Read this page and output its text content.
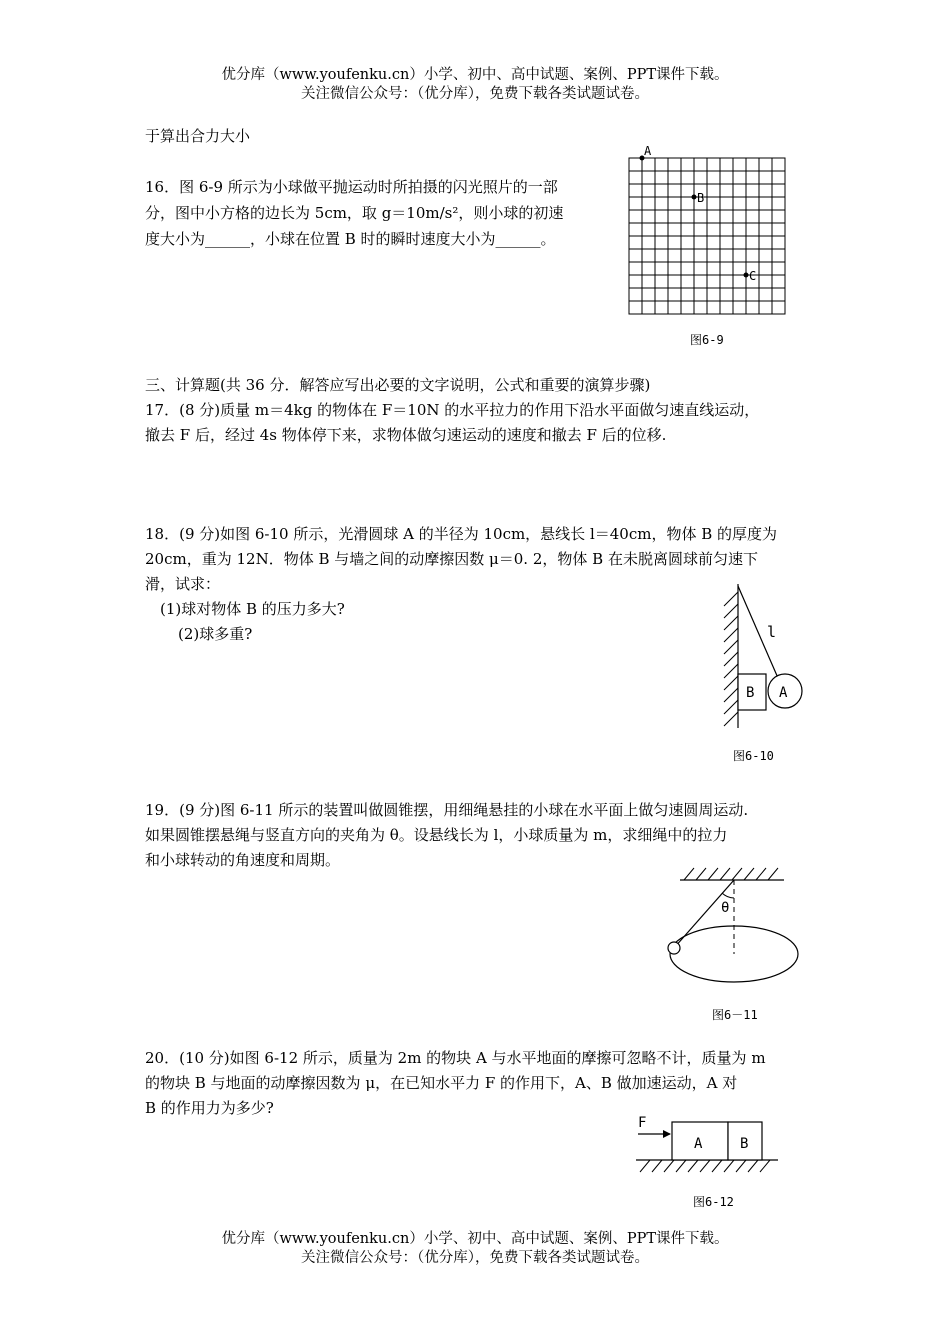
优分库（www.youfenku.cn）小学、初中、高中试题、案例、PPT课件下载。
关注微信公众号：（优分库），免费下载各类试题试卷。
于算出合力大小
16．图 6-9 所示为小球做平抛运动时所拍摄的闪光照片的一部
分，图中小方格的边长为 5cm，取 g＝10m/s²，则小球的初速
度大小为______，小球在位置 B 时的瞬时速度大小为______。
A
B
C
图6-9
三、计算题(共 36 分．解答应写出必要的文字说明，公式和重要的演算步骤)
17．(8 分)质量 m＝4kg 的物体在 F＝10N 的水平拉力的作用下沿水平面做匀速直线运动，
撤去 F 后，经过 4s 物体停下来，求物体做匀速运动的速度和撤去 F 后的位移.
18．(9 分)如图 6-10 所示，光滑圆球 A 的半径为 10cm，悬线长 l＝40cm，物体 B 的厚度为
20cm，重为 12N．物体 B 与墙之间的动摩擦因数 μ＝0. 2，物体 B 在未脱离圆球前匀速下
滑，试求：
(1)球对物体 B 的压力多大?
(2)球多重?	l
B A
图6-10
19．(9 分)图 6-11 所示的装置叫做圆锥摆，用细绳悬挂的小球在水平面上做匀速圆周运动.
如果圆锥摆悬绳与竖直方向的夹角为 θ。设悬线长为 l，小球质量为 m，求细绳中的拉力
和小球转动的角速度和周期。
θ
图6－11
20．(10 分)如图 6-12 所示，质量为 2m 的物块 A 与水平地面的摩擦可忽略不计，质量为 m
的物块 B 与地面的动摩擦因数为 μ，在已知水平力 F 的作用下，A、B 做加速运动，A 对
B 的作用力为多少?
F
A	B
图6-12
优分库（www.youfenku.cn）小学、初中、高中试题、案例、PPT课件下载。
关注微信公众号：（优分库），免费下载各类试题试卷。
